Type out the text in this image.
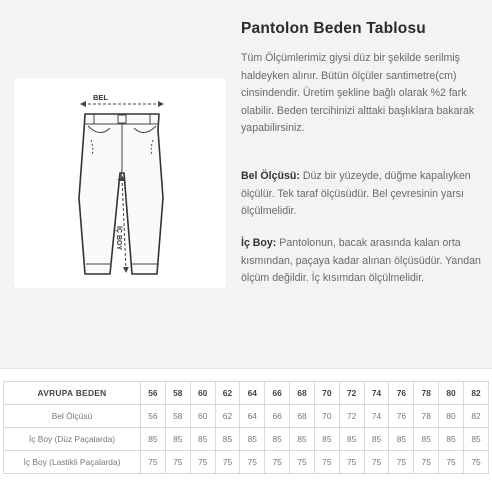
BEL
İÇ BOY
Pantolon Beden Tablosu
Tüm Ölçümlerimiz giysi düz bir şekilde serilmiş haldeyken alınır. Bütün ölçüler santimetre(cm) cinsindendir. Üretim şekline bağlı olarak %2 fark olabilir. Beden tercihinizi alttaki başlıklara bakarak yapabilirsiniz.
Bel Ölçüsü: Düz bir yüzeyde, düğme kapalıyken ölçülür. Tek taraf ölçüsüdür. Bel çevresinin yarsı ölçülmelidir.
İç Boy: Pantolonun, bacak arasında kalan orta kısmından, paçaya kadar alınan ölçüsüdür. Yandan ölçüm değildir. İç kısımdan ölçülmelidir.
AVRUPA BEDEN	56	58	60	62	64	66	68	70	72	74	76	78	80	82
Bel Ölçüsü	56	58	60	62	64	66	68	70	72	74	76	78	80	82
İç Boy (Düz Paçalarda)	85	85	85	85	85	85	85	85	85	85	85	85	85	85
İç Boy (Lastikli Paçalarda)	75	75	75	75	75	75	75	75	75	75	75	75	75	75
